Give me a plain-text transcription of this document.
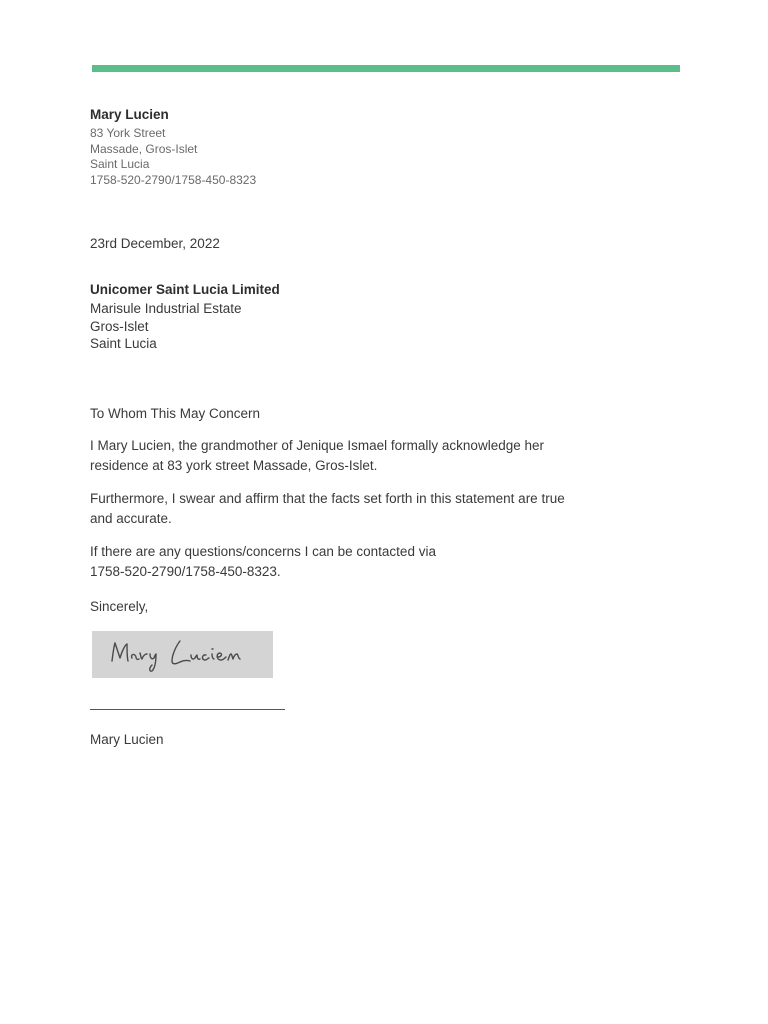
Mary Lucien

83 York Street

Massade, Gros-Islet

Saint Lucia

1758-520-2790/1758-450-8323

23rd December, 2022

Unicomer Saint Lucia Limited

Marisule Industrial Estate

Gros-Islet

Saint Lucia

To Whom This May Concern

I Mary Lucien, the grandmother of Jenique Ismael formally acknowledge her residence at 83 york street Massade, Gros-Islet.

Furthermore, I swear and affirm that the facts set forth in this statement are true and accurate.

If there are any questions/concerns I can be contacted via
1758-520-2790/1758-450-8323.

Sincerely,

Mary Lucien
